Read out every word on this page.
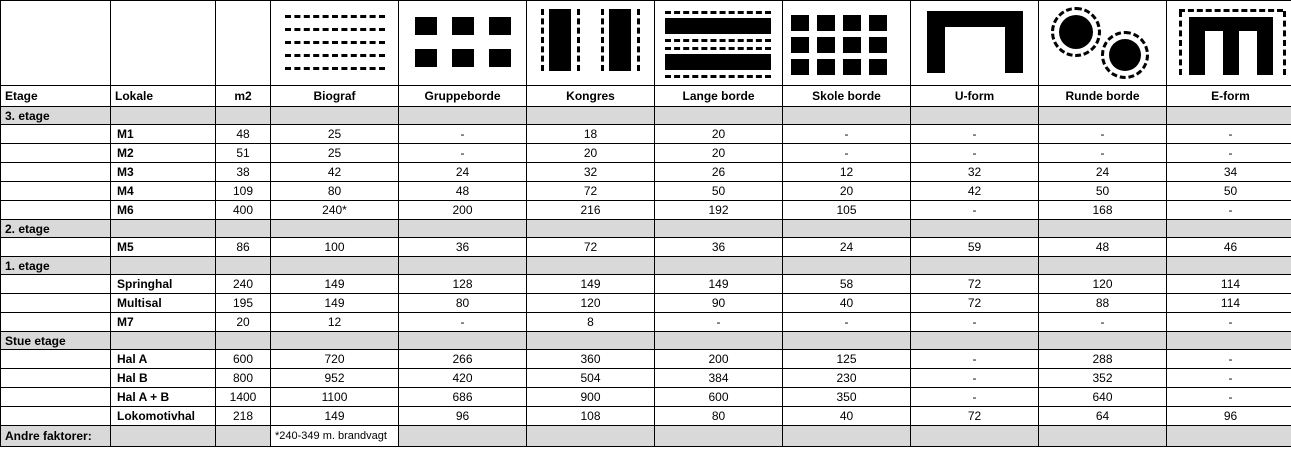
Etage	Lokale	m2	Biograf	Gruppeborde	Kongres	Lange borde	Skole borde	U-form	Runde borde	E-form
3. etage										
	M1	48	25	-	18	20	-	-	-	-
	M2	51	25	-	20	20	-	-	-	-
	M3	38	42	24	32	26	12	32	24	34
	M4	109	80	48	72	50	20	42	50	50
	M6	400	240*	200	216	192	105	-	168	-
2. etage										
	M5	86	100	36	72	36	24	59	48	46
1. etage										
	Springhal	240	149	128	149	149	58	72	120	114
	Multisal	195	149	80	120	90	40	72	88	114
	M7	20	12	-	8	-	-	-	-	-
Stue etage										
	Hal A	600	720	266	360	200	125	-	288	-
	Hal B	800	952	420	504	384	230	-	352	-
	Hal A + B	1400	1100	686	900	600	350	-	640	-
	Lokomotivhal	218	149	96	108	80	40	72	64	96
Andre faktorer:			*240-349 m. brandvagt							
